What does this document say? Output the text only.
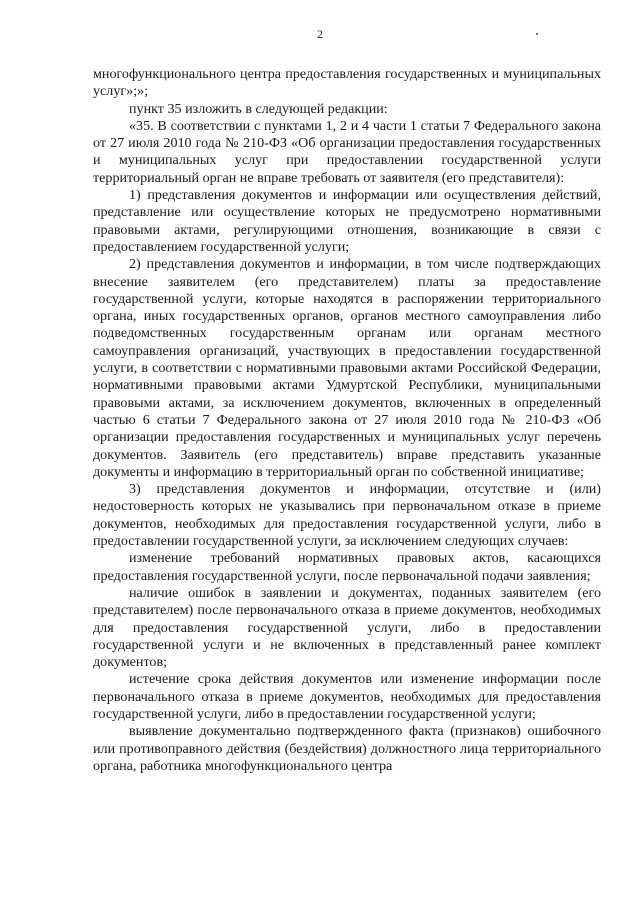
2

многофункционального центра предоставления государственных и муниципальных услуг»;»;

пункт 35 изложить в следующей редакции:

«35. В соответствии с пунктами 1, 2 и 4 части 1 статьи 7 Федерального закона от 27 июля 2010 года № 210-ФЗ «Об организации предоставления государственных и муниципальных услуг при предоставлении государственной услуги территориальный орган не вправе требовать от заявителя (его представителя):

1) представления документов и информации или осуществления действий, представление или осуществление которых не предусмотрено нормативными правовыми актами, регулирующими отношения, возникающие в связи с предоставлением государственной услуги;

2) представления документов и информации, в том числе подтверждающих внесение заявителем (его представителем) платы за предоставление государственной услуги, которые находятся в распоряжении территориального органа, иных государственных органов, органов местного самоуправления либо подведомственных государственным органам или органам местного самоуправления организаций, участвующих в предоставлении государственной услуги, в соответствии с нормативными правовыми актами Российской Федерации, нормативными правовыми актами Удмуртской Республики, муниципальными правовыми актами, за исключением документов, включенных в определенный частью 6 статьи 7 Федерального закона от 27 июля 2010 года № 210-ФЗ «Об организации предоставления государственных и муниципальных услуг перечень документов. Заявитель (его представитель) вправе представить указанные документы и информацию в территориальный орган по собственной инициативе;

3) представления документов и информации, отсутствие и (или) недостоверность которых не указывались при первоначальном отказе в приеме документов, необходимых для предоставления государственной услуги, либо в предоставлении государственной услуги, за исключением следующих случаев:

изменение требований нормативных правовых актов, касающихся предоставления государственной услуги, после первоначальной подачи заявления;

наличие ошибок в заявлении и документах, поданных заявителем (его представителем) после первоначального отказа в приеме документов, необходимых для предоставления государственной услуги, либо в предоставлении государственной услуги и не включенных в представленный ранее комплект документов;

истечение срока действия документов или изменение информации после первоначального отказа в приеме документов, необходимых для предоставления государственной услуги, либо в предоставлении государственной услуги;

выявление документально подтвержденного факта (признаков) ошибочного или противоправного действия (бездействия) должностного лица территориального органа, работника многофункционального центра
